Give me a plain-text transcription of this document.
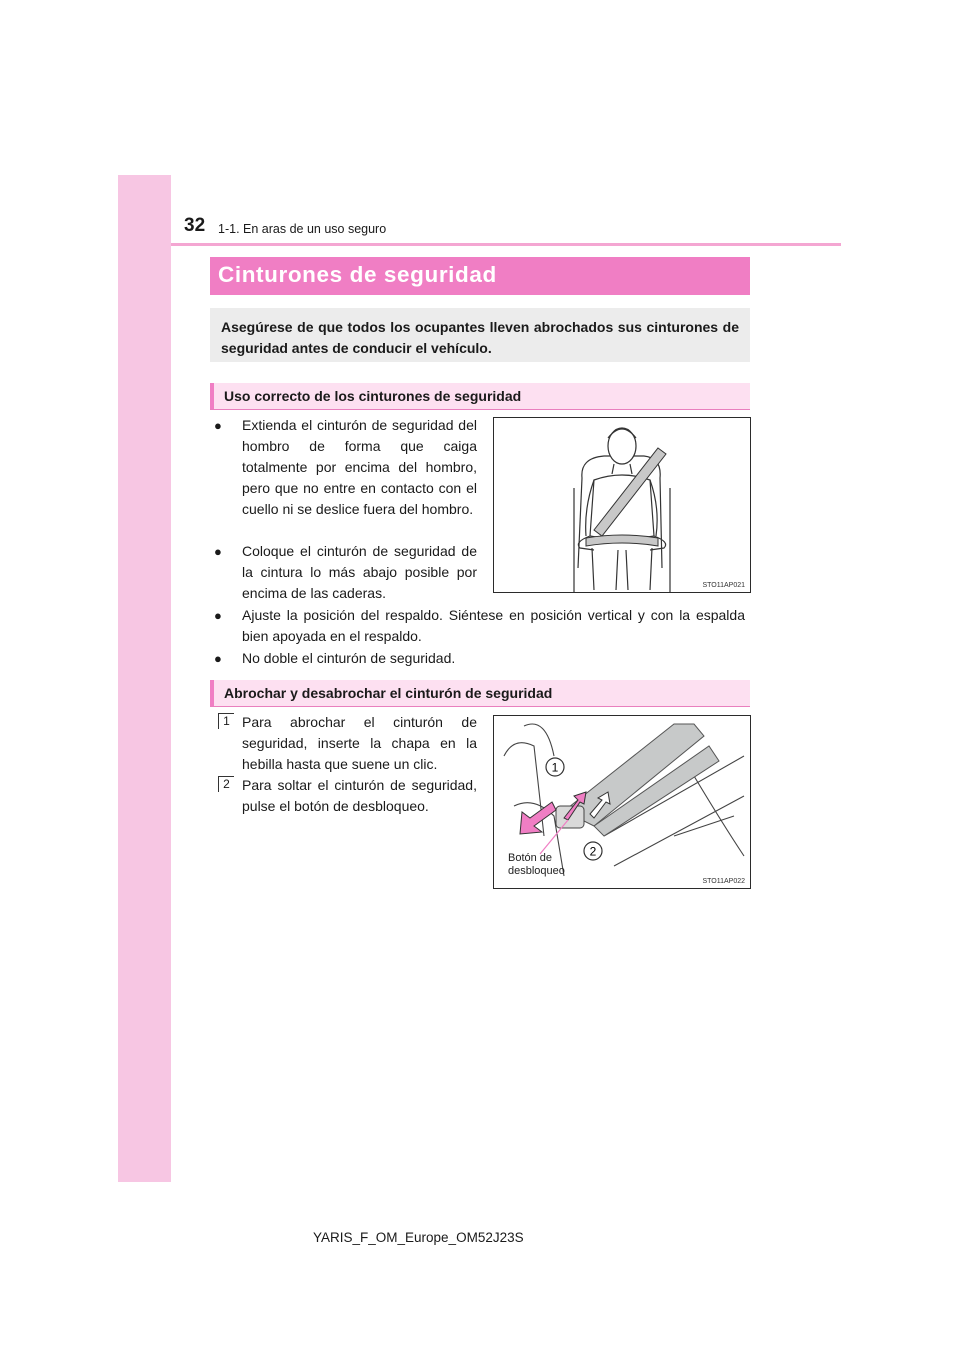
32 1-1. En aras de un uso seguro
Cinturones de seguridad

Asegúrese de que todos los ocupantes lleven abrochados sus cinturones de seguridad antes de conducir el vehículo.

Uso correcto de los cinturones de seguridad
● Extienda el cinturón de seguridad del hombro de forma que caiga totalmente por encima del hombro, pero que no entre en contacto con el cuello ni se deslice fuera del hombro.
● Coloque el cinturón de seguridad de la cintura lo más abajo posible por encima de las caderas.
● Ajuste la posición del respaldo. Siéntese en posición vertical y con la espalda bien apoyada en el respaldo.
● No doble el cinturón de seguridad.
STO11AP021
Abrochar y desabrochar el cinturón de seguridad
1 Para abrochar el cinturón de seguridad, inserte la chapa en la hebilla hasta que suene un clic.
2 Para soltar el cinturón de seguridad, pulse el botón de desbloqueo.
1
2
STO11AP022
Botón de
desbloqueo
YARIS_F_OM_Europe_OM52J23S
